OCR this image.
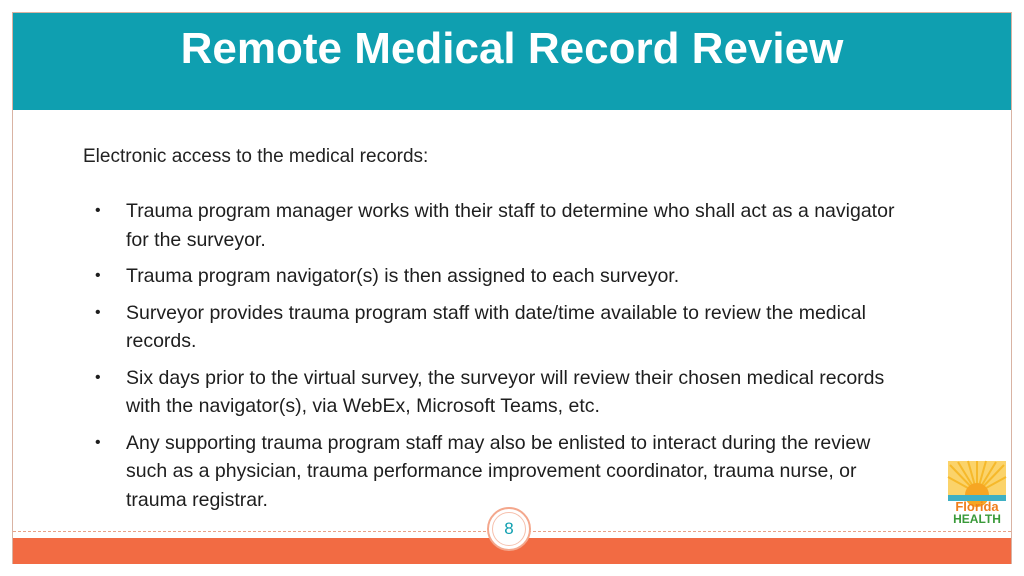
Remote Medical Record Review

Electronic access to the medical records:

• Trauma program manager works with their staff to determine who shall act as a navigator for the surveyor.
• Trauma program navigator(s) is then assigned to each surveyor.
• Surveyor provides trauma program staff with date/time available to review the medical records.
• Six days prior to the virtual survey, the surveyor will review their chosen medical records with the navigator(s), via WebEx, Microsoft Teams, etc.
• Any supporting trauma program staff may also be enlisted to interact during the review such as a physician, trauma performance improvement coordinator, trauma nurse, or trauma registrar.	Florida
HEALTH
8
